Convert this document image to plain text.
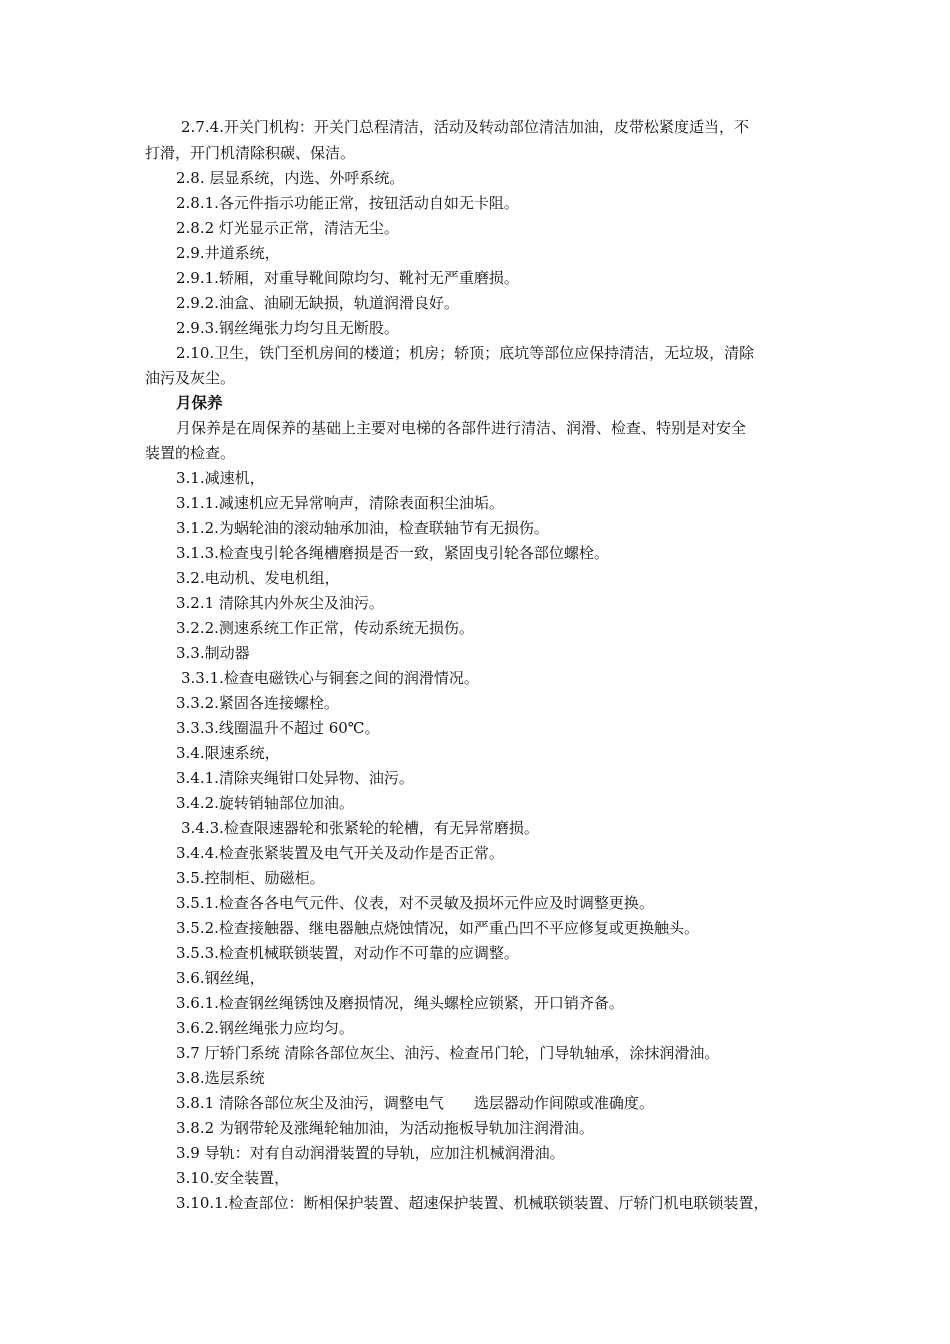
2.7.4.开关门机构：开关门总程清洁，活动及转动部位清洁加油，皮带松紧度适当，不
打滑，开门机清除积碳、保洁。
2.8. 层显系统，内选、外呼系统。
2.8.1.各元件指示功能正常，按钮活动自如无卡阻。
2.8.2 灯光显示正常，清洁无尘。
2.9.井道系统，
2.9.1.轿厢，对重导靴间隙均匀、靴衬无严重磨损。
2.9.2.油盒、油刷无缺损，轨道润滑良好。
2.9.3.钢丝绳张力均匀且无断股。
2.10.卫生，铁门至机房间的楼道；机房；轿顶；底坑等部位应保持清洁，无垃圾，清除
油污及灰尘。
月保养
月保养是在周保养的基础上主要对电梯的各部件进行清洁、润滑、检查、特别是对安全
装置的检查。
3.1.减速机，
3.1.1.减速机应无异常响声，清除表面积尘油垢。
3.1.2.为蜗轮油的滚动轴承加油，检查联轴节有无损伤。
3.1.3.检查曳引轮各绳槽磨损是否一致，紧固曳引轮各部位螺栓。
3.2.电动机、发电机组，
3.2.1 清除其内外灰尘及油污。
3.2.2.测速系统工作正常，传动系统无损伤。
3.3.制动器
3.3.1.检查电磁铁心与铜套之间的润滑情况。
3.3.2.紧固各连接螺栓。
3.3.3.线圈温升不超过 60℃。
3.4.限速系统，
3.4.1.清除夹绳钳口处异物、油污。
3.4.2.旋转销轴部位加油。
3.4.3.检查限速器轮和张紧轮的轮槽，有无异常磨损。
3.4.4.检查张紧装置及电气开关及动作是否正常。
3.5.控制柜、励磁柜。
3.5.1.检查各各电气元件、仪表，对不灵敏及损坏元件应及时调整更换。
3.5.2.检查接触器、继电器触点烧蚀情况，如严重凸凹不平应修复或更换触头。
3.5.3.检查机械联锁装置，对动作不可靠的应调整。
3.6.钢丝绳，
3.6.1.检查钢丝绳锈蚀及磨损情况，绳头螺栓应锁紧，开口销齐备。
3.6.2.钢丝绳张力应均匀。
3.7 厅轿门系统 清除各部位灰尘、油污、检查吊门轮，门导轨轴承，涂抹润滑油。
3.8.选层系统
3.8.1 清除各部位灰尘及油污，调整电气　　选层器动作间隙或准确度。
3.8.2 为钢带轮及涨绳轮轴加油，为活动拖板导轨加注润滑油。
3.9 导轨：对有自动润滑装置的导轨，应加注机械润滑油。
3.10.安全装置，
3.10.1.检查部位：断相保护装置、超速保护装置、机械联锁装置、厅轿门机电联锁装置，
